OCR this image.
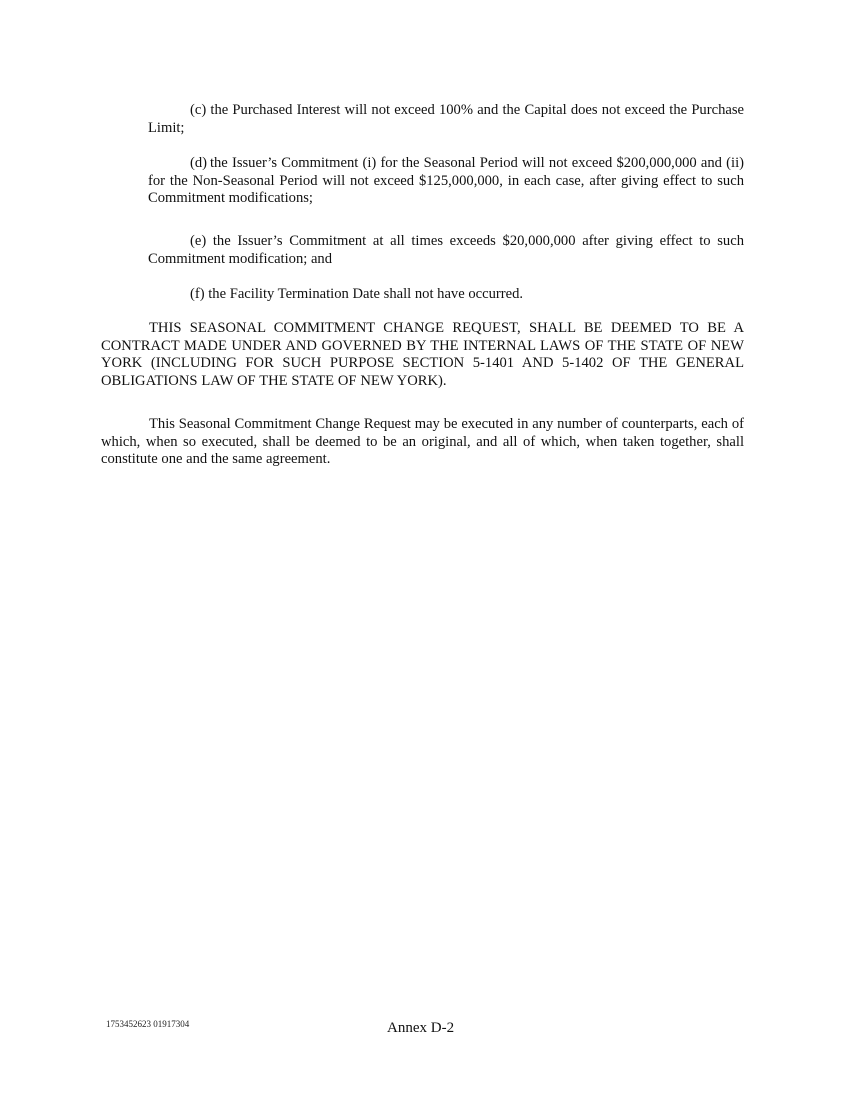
(c) the Purchased Interest will not exceed 100% and the Capital does not exceed the Purchase Limit;

(d) the Issuer’s Commitment (i) for the Seasonal Period will not exceed $200,000,000 and (ii) for the Non-Seasonal Period will not exceed $125,000,000, in each case, after giving effect to such Commitment modifications;

(e) the Issuer’s Commitment at all times exceeds $20,000,000 after giving effect to such Commitment modification; and

(f) the Facility Termination Date shall not have occurred.

THIS SEASONAL COMMITMENT CHANGE REQUEST, SHALL BE DEEMED TO BE A CONTRACT MADE UNDER AND GOVERNED BY THE INTERNAL LAWS OF THE STATE OF NEW YORK (INCLUDING FOR SUCH PURPOSE SECTION 5-1401 AND 5-1402 OF THE GENERAL OBLIGATIONS LAW OF THE STATE OF NEW YORK).

This Seasonal Commitment Change Request may be executed in any number of counterparts, each of which, when so executed, shall be deemed to be an original, and all of which, when taken together, shall constitute one and the same agreement.

1753452623 01917304	Annex D-2
